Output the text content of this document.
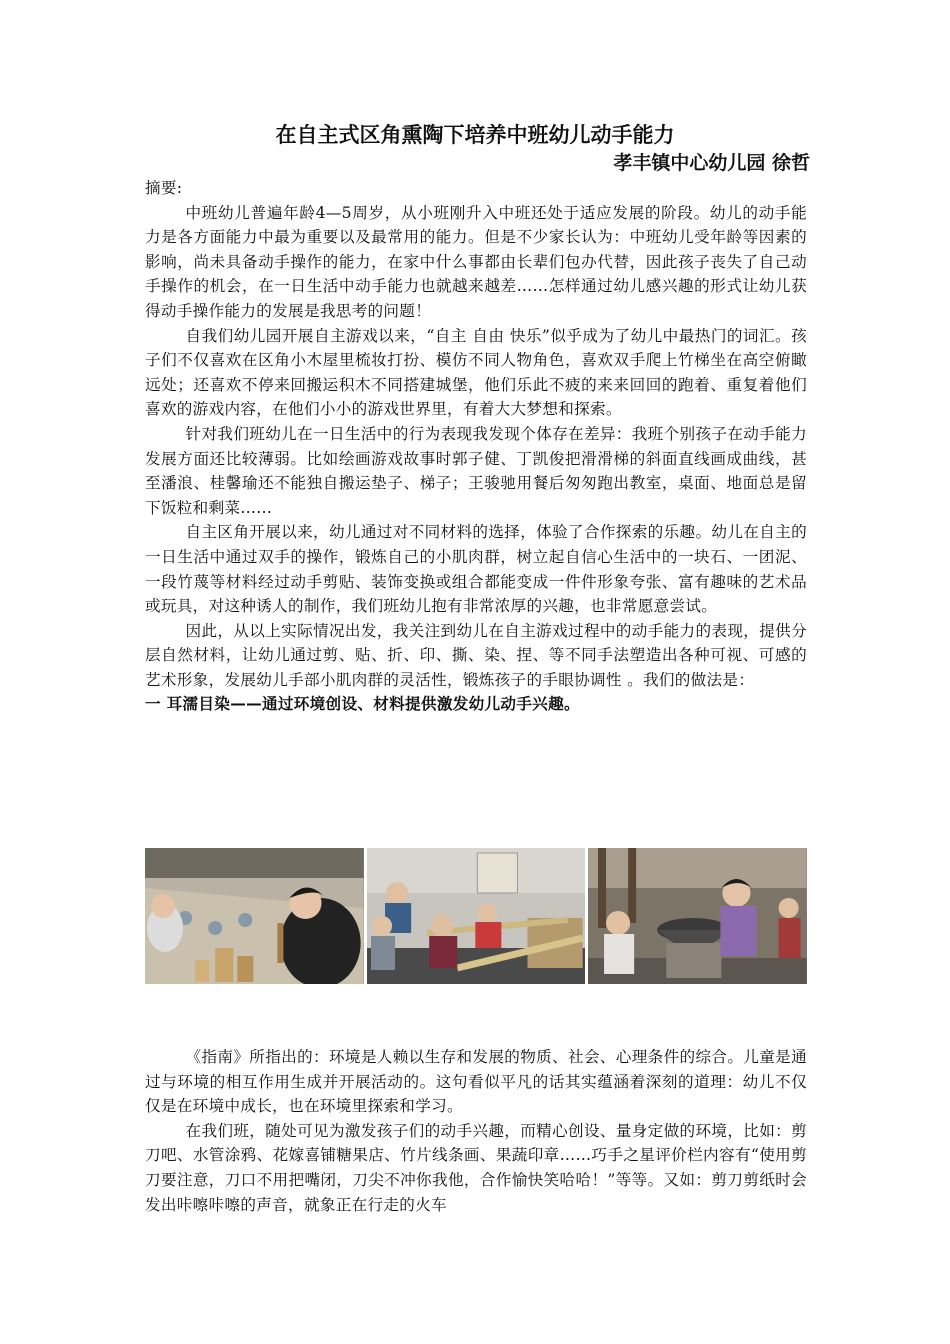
在自主式区角熏陶下培养中班幼儿动手能力
孝丰镇中心幼儿园 徐哲

摘要:

中班幼儿普遍年龄4—5周岁，从小班刚升入中班还处于适应发展的阶段。幼儿的动手能力是各方面能力中最为重要以及最常用的能力。但是不少家长认为：中班幼儿受年龄等因素的影响，尚未具备动手操作的能力，在家中什么事都由长辈们包办代替，因此孩子丧失了自己动手操作的机会，在一日生活中动手能力也就越来越差……怎样通过幼儿感兴趣的形式让幼儿获得动手操作能力的发展是我思考的问题！

自我们幼儿园开展自主游戏以来，“自主 自由 快乐”似乎成为了幼儿中最热门的词汇。孩子们不仅喜欢在区角小木屋里梳妆打扮、模仿不同人物角色，喜欢双手爬上竹梯坐在高空俯瞰远处；还喜欢不停来回搬运积木不同搭建城堡，他们乐此不疲的来来回回的跑着、重复着他们喜欢的游戏内容，在他们小小的游戏世界里，有着大大梦想和探索。

针对我们班幼儿在一日生活中的行为表现我发现个体存在差异：我班个别孩子在动手能力发展方面还比较薄弱。比如绘画游戏故事时郭子健、丁凯俊把滑滑梯的斜面直线画成曲线，甚至潘浪、桂馨瑜还不能独自搬运垫子、梯子；王骏驰用餐后匆匆跑出教室，桌面、地面总是留下饭粒和剩菜……

自主区角开展以来，幼儿通过对不同材料的选择，体验了合作探索的乐趣。幼儿在自主的一日生活中通过双手的操作，锻炼自己的小肌肉群，树立起自信心生活中的一块石、一团泥、一段竹蔑等材料经过动手剪贴、装饰变换或组合都能变成一件件形象夸张、富有趣味的艺术品或玩具，对这种诱人的制作，我们班幼儿抱有非常浓厚的兴趣，也非常愿意尝试。

因此，从以上实际情况出发，我关注到幼儿在自主游戏过程中的动手能力的表现，提供分层自然材料，让幼儿通过剪、贴、折、印、撕、染、捏、等不同手法塑造出各种可视、可感的艺术形象，发展幼儿手部小肌肉群的灵活性，锻炼孩子的手眼协调性 。我们的做法是：

一 耳濡目染——通过环境创设、材料提供激发幼儿动手兴趣。

《指南》所指出的：环境是人赖以生存和发展的物质、社会、心理条件的综合。儿童是通过与环境的相互作用生成并开展活动的。这句看似平凡的话其实蕴涵着深刻的道理：幼儿不仅仅是在环境中成长，也在环境里探索和学习。

在我们班，随处可见为激发孩子们的动手兴趣，而精心创设、量身定做的环境，比如：剪刀吧、水管涂鸦、花嫁喜铺糖果店、竹片线条画、果蔬印章……巧手之星评价栏内容有“使用剪刀要注意，刀口不用把嘴闭，刀尖不冲你我他，合作愉快笑哈哈！”等等。又如：剪刀剪纸时会发出咔嚓咔嚓的声音，就象正在行走的火车
